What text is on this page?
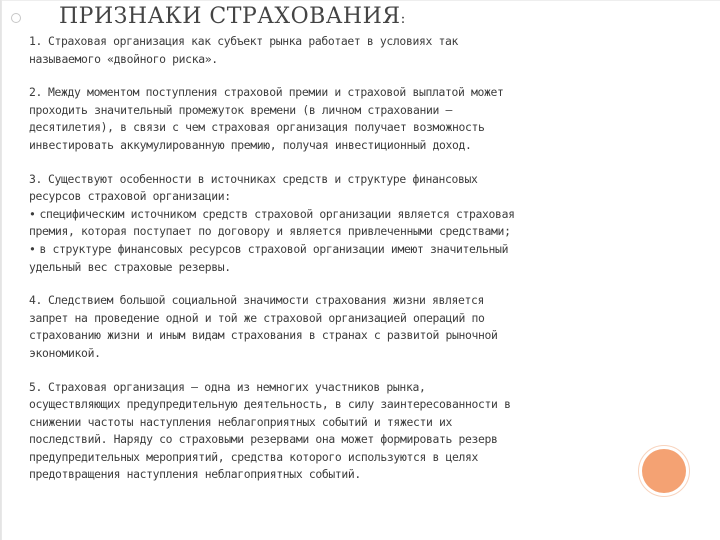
ПРИЗНАКИ СТРАХОВАНИЯ:

1. Страховая организация как субъект рынка работает в условиях так

называемого «двойного риска».

2. Между моментом поступления страховой премии и страховой выплатой может

проходить значительный промежуток времени (в личном страховании —

десятилетия), в связи с чем страховая организация получает возможность

инвестировать аккумулированную премию, получая инвестиционный доход.

3. Существуют особенности в источниках средств и структуре финансовых

ресурсов страховой организации:

• специфическим источником средств страховой организации является страховая

премия, которая поступает по договору и является привлеченными средствами;

• в структуре финансовых ресурсов страховой организации имеют значительный

удельный вес страховые резервы.

4. Следствием большой социальной значимости страхования жизни является

запрет на проведение одной и той же страховой организацией операций по

страхованию жизни и иным видам страхования в странах с развитой рыночной

экономикой.

5. Страховая организация — одна из немногих участников рынка,

осуществляющих предупредительную деятельность, в силу заинтересованности в

снижении частоты наступления неблагоприятных событий и тяжести их

последствий. Наряду со страховыми резервами она может формировать резерв

предупредительных мероприятий, средства которого используются в целях

предотвращения наступления неблагоприятных событий.
